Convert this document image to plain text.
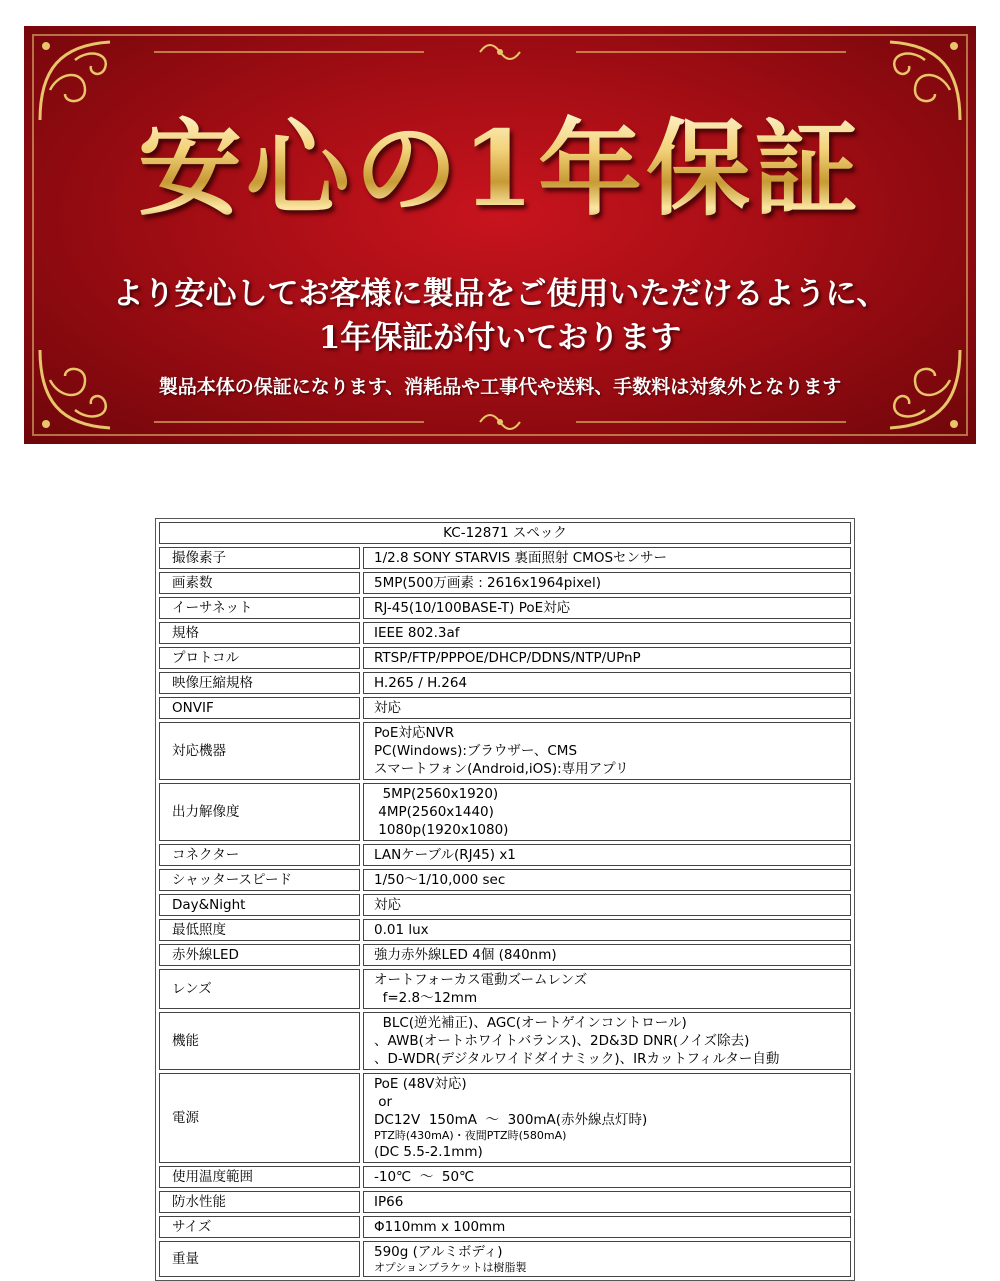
安心の1年保証
より安心してお客様に製品をご使用いただけるように、
1年保証が付いております
製品本体の保証になります、消耗品や工事代や送料、手数料は対象外となります
KC-12871 スペック	
撮像素子	1/2.8 SONY STARVIS 裏面照射 CMOSセンサー

画素数	5MP(500万画素 : 2616x1964pixel)

イーサネット	RJ-45(10/100BASE-T) PoE対応

規格	IEEE 802.3af

プロトコル	RTSP/FTP/PPPOE/DHCP/DDNS/NTP/UPnP

映像圧縮規格	H.265 / H.264

ONVIF	対応

対応機器	PoE対応NVR
PC(Windows):ブラウザー、CMS
スマートフォン(Android,iOS):専用アプリ

出力解像度	5MP(2560x1920)
4MP(2560x1440)
1080p(1920x1080)

コネクター	LANケーブル(RJ45) x1

シャッタースピード	1/50～1/10,000 sec

Day&Night	対応

最低照度	0.01 lux

赤外線LED	強力赤外線LED 4個 (840nm)

レンズ	オートフォーカス電動ズームレンズ
f=2.8～12mm

機能	BLC(逆光補正)、AGC(オートゲインコントロール)
、AWB(オートホワイトバランス)、2D&3D DNR(ノイズ除去)
、D-WDR(デジタルワイドダイナミック)、IRカットフィルター自動

電源	PoE (48V対応)
or
DC12V  150mA  ～  300mA(赤外線点灯時)
PTZ時(430mA)・夜間PTZ時(580mA)
(DC 5.5-2.1mm)

使用温度範囲	-10℃  ～  50℃

防水性能	IP66

サイズ	Φ110mm x 100mm

重量	590g (アルミボディ)
オプションブラケットは樹脂製
